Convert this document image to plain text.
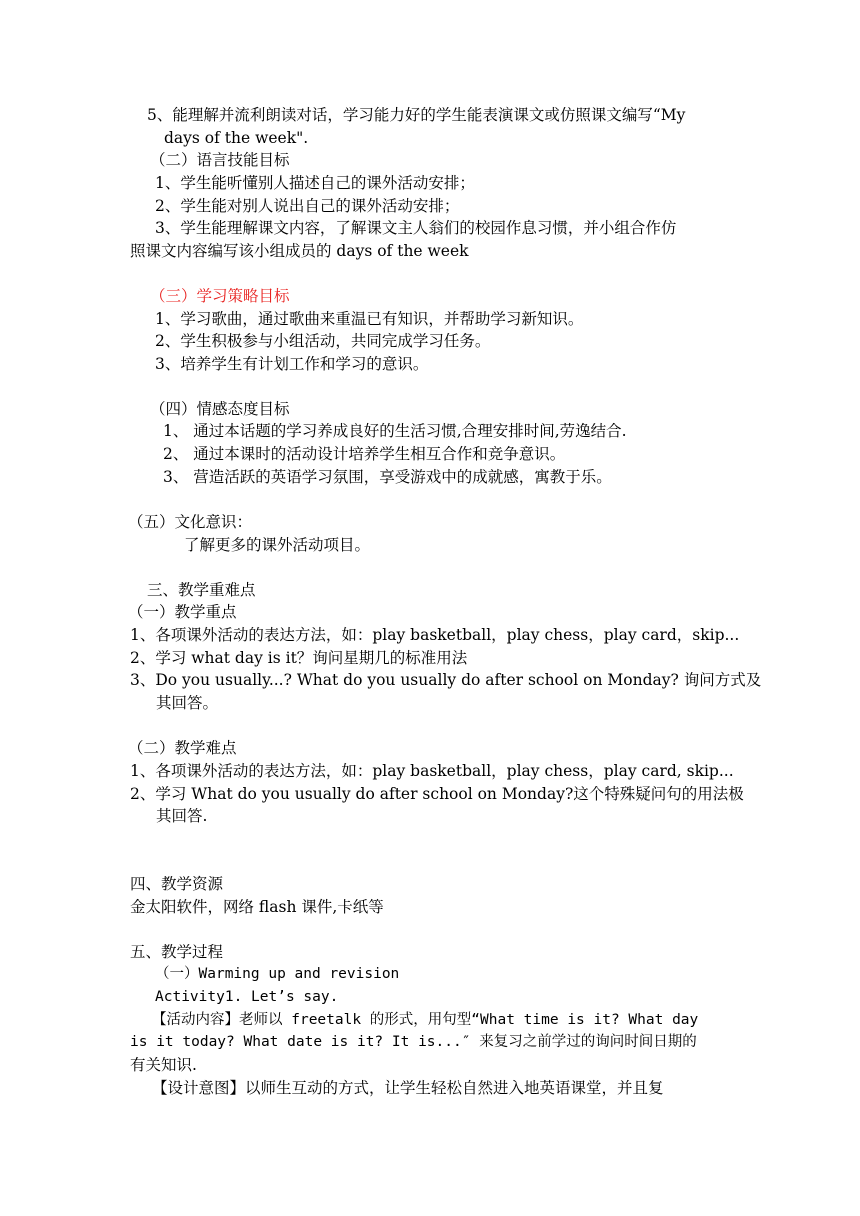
5、能理解并流利朗读对话，学习能力好的学生能表演课文或仿照课文编写“My
days of the week".
（二）语言技能目标
1、学生能听懂别人描述自己的课外活动安排；
2、学生能对别人说出自己的课外活动安排；
3、学生能理解课文内容，了解课文主人翁们的校园作息习惯，并小组合作仿
照课文内容编写该小组成员的 days of the week
（三）学习策略目标
1、学习歌曲，通过歌曲来重温已有知识，并帮助学习新知识。
2、学生积极参与小组活动，共同完成学习任务。
3、培养学生有计划工作和学习的意识。
（四）情感态度目标
1、 通过本话题的学习养成良好的生活习惯,合理安排时间,劳逸结合.
2、 通过本课时的活动设计培养学生相互合作和竞争意识。
3、 营造活跃的英语学习氛围，享受游戏中的成就感，寓教于乐。
（五）文化意识：
了解更多的课外活动项目。
三、教学重难点
（一）教学重点
1、各项课外活动的表达方法，如：play basketball，play chess，play card，skip...
2、学习 what day is it？询问星期几的标准用法
3、Do you usually...? What do you usually do after school on Monday? 询问方式及
其回答。
（二）教学难点
1、各项课外活动的表达方法，如：play basketball，play chess，play card, skip...
2、学习 What do you usually do after school on Monday?这个特殊疑问句的用法极
其回答.
四、教学资源
金太阳软件，网络 flash 课件,卡纸等
五、教学过程
（一）Warming up and revision
Activity1. Let’s say.
【活动内容】老师以 freetalk 的形式，用句型“What time is it? What day
is it today? What date is it? It is...″ 来复习之前学过的询问时间日期的
有关知识.
【设计意图】以师生互动的方式，让学生轻松自然进入地英语课堂，并且复
